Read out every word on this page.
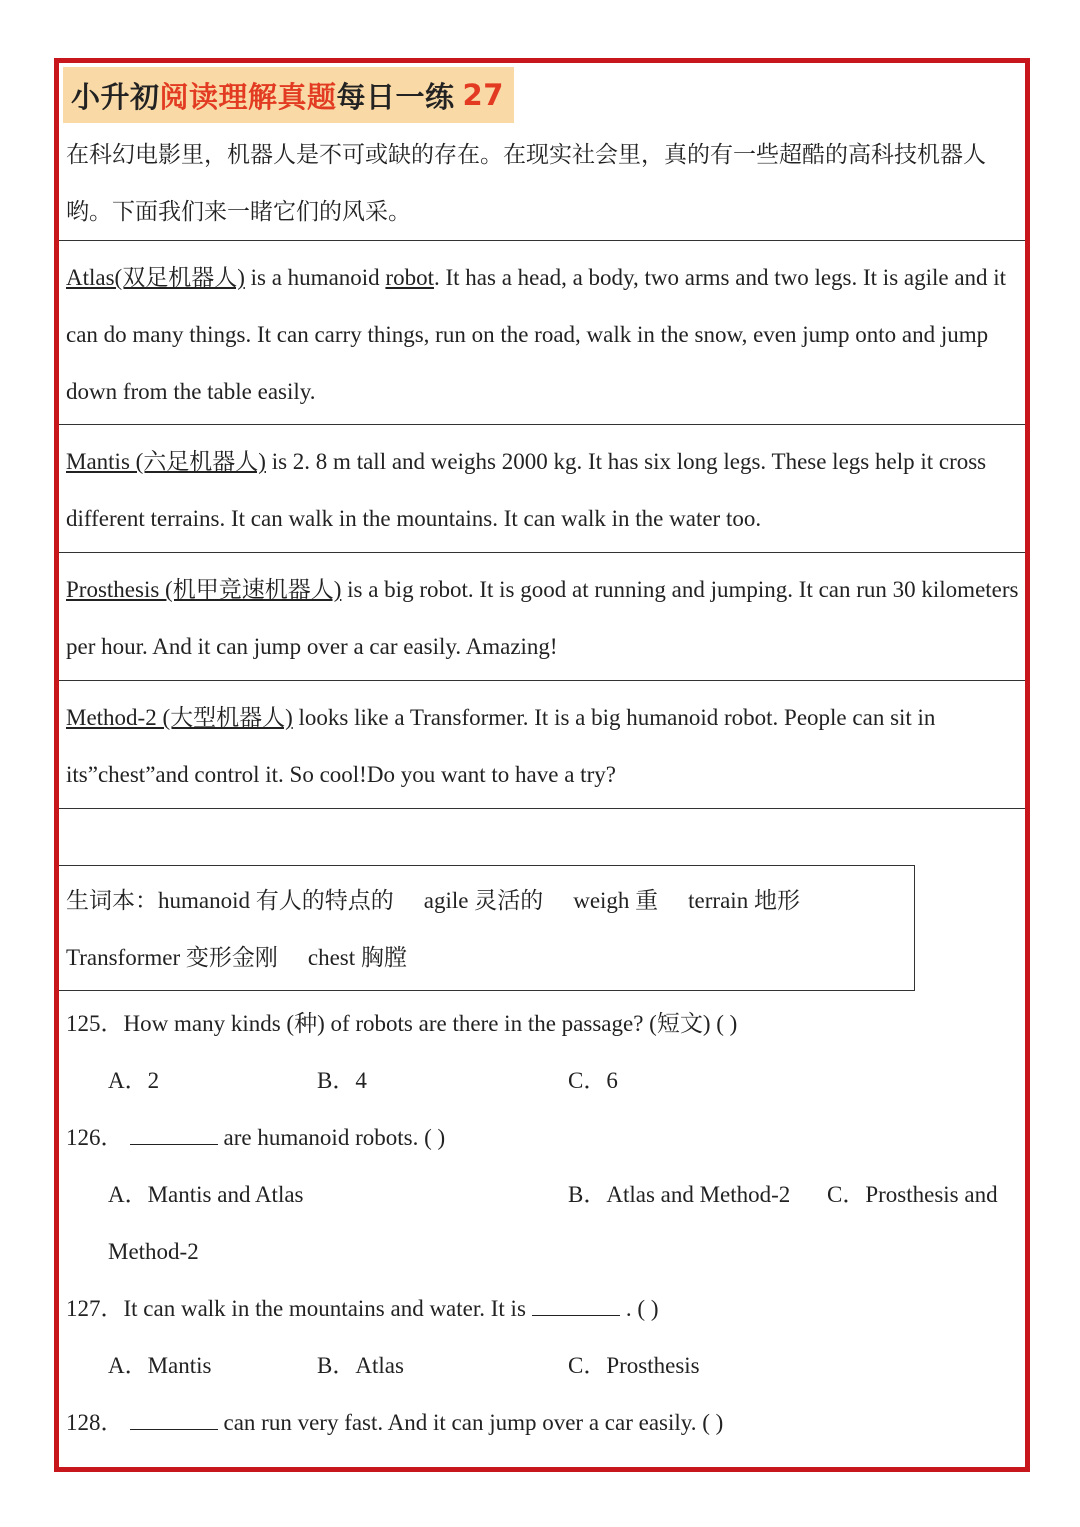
小升初 阅读理解真题 每日一练 27
在科幻电影里，机器人是不可或缺的存在。在现实社会里，真的有一些超酷的高科技机器人哟。下面我们来一睹它们的风采。
Atlas(双足机器人) is a humanoid robot. It has a head, a body, two arms and two legs. It is agile and it can do many things. It can carry things, run on the road, walk in the snow, even jump onto and jump down from the table easily.
Mantis (六足机器人) is 2. 8 m tall and weighs 2000 kg. It has six long legs. These legs help it cross different terrains. It can walk in the mountains. It can walk in the water too.
Prosthesis (机甲竞速机器人) is a big robot. It is good at running and jumping. It can run 30 kilometers per hour. And it can jump over a car easily. Amazing!
Method-2 (大型机器人) looks like a Transformer. It is a big humanoid robot. People can sit in its”chest”and control it. So cool!Do you want to have a try?
生词本：humanoid 有人的特点的 agile 灵活的 weigh 重 terrain 地形
Transformer 变形金刚 chest 胸膛
125．How many kinds (种) of robots are there in the passage? (短文) ( )
A．2	B．4	C．6
126．	are humanoid robots. ( )
A．Mantis and Atlas	B．Atlas and Method-2 C．Prosthesis and
Method-2
127．It can walk in the mountains and water. It is	. ( )
A．Mantis	B．Atlas	C．Prosthesis
128．	can run very fast. And it can jump over a car easily. ( )
